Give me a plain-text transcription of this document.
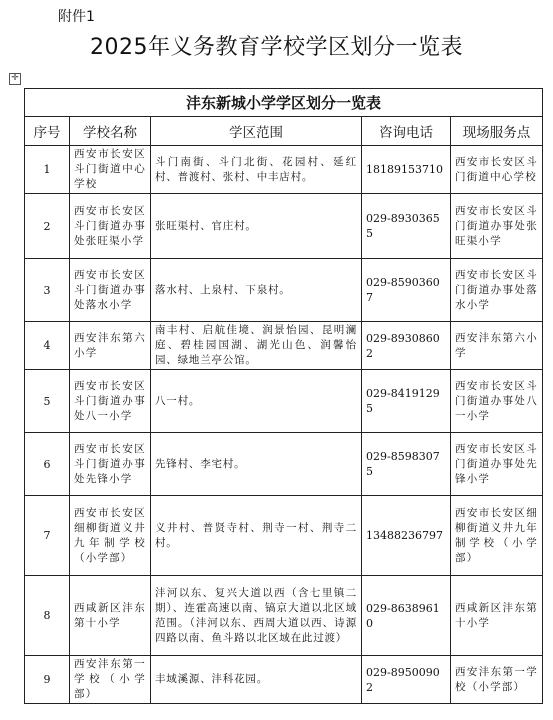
附件1
2025年义务教育学校学区划分一览表
✛
沣东新城小学学区划分一览表				
序号	学校名称	学区范围	咨询电话	现场服务点
1	西安市长安区斗门街道中心学校	斗门南街、斗门北街、花园村、延红村、普渡村、张村、中丰店村。	18189153710	西安市长安区斗门街道中心学校
2	西安市长安区斗门街道办事处张旺渠小学	张旺渠村、官庄村。	029-89303655	西安市长安区斗门街道办事处张旺渠小学
3	西安市长安区斗门街道办事处落水小学	落水村、上泉村、下泉村。	029-85903607	西安市长安区斗门街道办事处落水小学
4	西安沣东第六小学	南丰村、启航佳境、润景怡园、昆明澜庭、碧桂园国湖、湖光山色、润馨怡园、绿地兰亭公馆。	029-89308602	西安沣东第六小学
5	西安市长安区斗门街道办事处八一小学	八一村。	029-84191295	西安市长安区斗门街道办事处八一小学
6	西安市长安区斗门街道办事处先锋小学	先锋村、李宅村。	029-85983075	西安市长安区斗门街道办事处先锋小学
7	西安市长安区细柳街道义井九年制学校（小学部）	义井村、普贤寺村、荆寺一村、荆寺二村。	13488236797	西安市长安区细柳街道义井九年制学校（小学部）
8	西咸新区沣东第十小学	沣河以东、复兴大道以西（含七里镇二期）、连霍高速以南、镐京大道以北区域范围。（沣河以东、西周大道以西、诗源四路以南、鱼斗路以北区域在此过渡）	029-86389610	西咸新区沣东第十小学
9	西安沣东第一学校（小学部）	丰域溪源、沣科花园。	029-89500902	西安沣东第一学校（小学部）
